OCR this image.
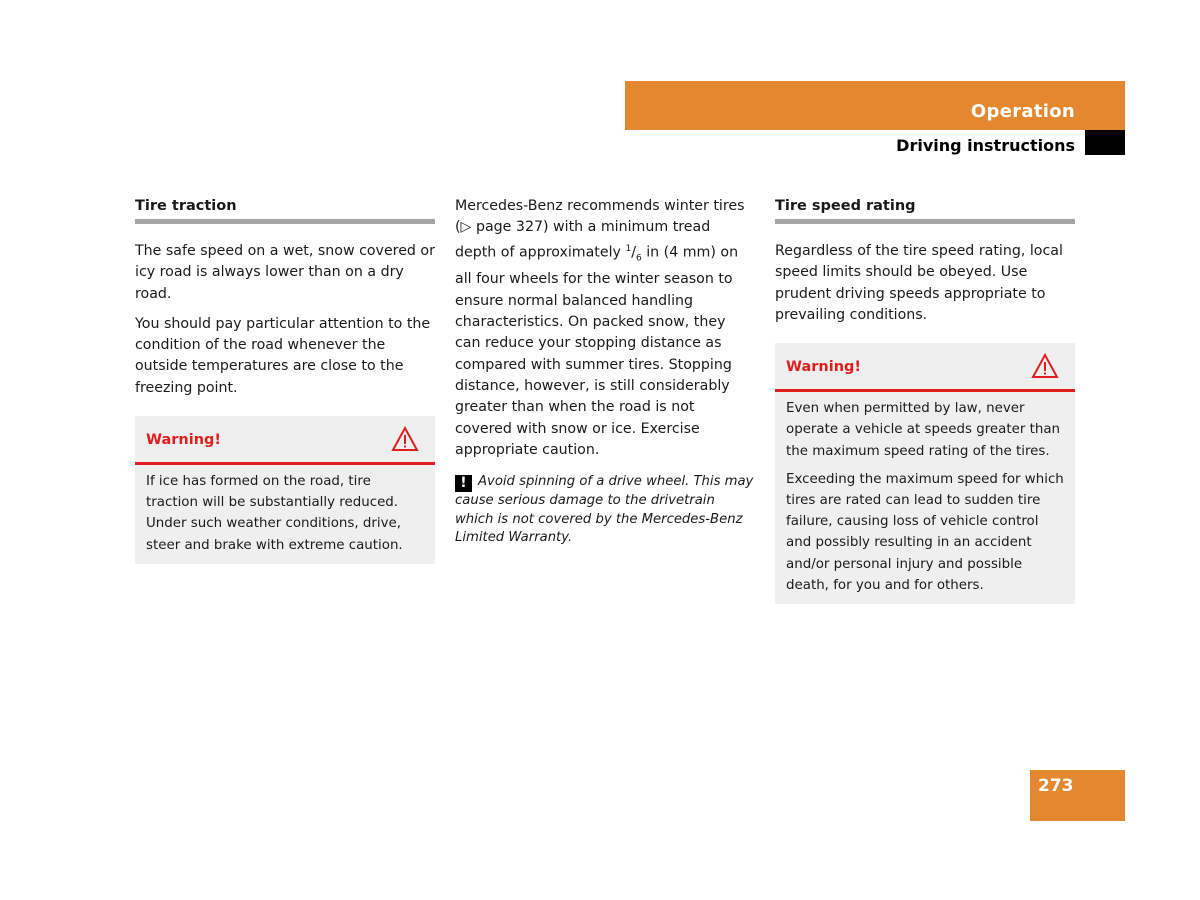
Operation
Driving instructions
Tire traction

The safe speed on a wet, snow covered or icy road is always lower than on a dry road.

You should pay particular attention to the condition of the road whenever the outside temperatures are close to the freezing point.

Warning!

If ice has formed on the road, tire traction will be substantially reduced. Under such weather conditions, drive, steer and brake with extreme caution.

Mercedes-Benz recommends winter tires (▷ page 327) with a minimum tread depth of approximately $^1/_6$ in (4 mm) on all four wheels for the winter season to ensure normal balanced handling characteristics. On packed snow, they can reduce your stopping distance as compared with summer tires. Stopping distance, however, is still considerably greater than when the road is not covered with snow or ice. Exercise appropriate caution.

! Avoid spinning of a drive wheel. This may cause serious damage to the drivetrain which is not covered by the Mercedes-Benz Limited Warranty.

Tire speed rating

Regardless of the tire speed rating, local speed limits should be obeyed. Use prudent driving speeds appropriate to prevailing conditions.

Warning!

Even when permitted by law, never operate a vehicle at speeds greater than the maximum speed rating of the tires.

Exceeding the maximum speed for which tires are rated can lead to sudden tire failure, causing loss of vehicle control and possibly resulting in an accident and/or personal injury and possible death, for you and for others.

273
